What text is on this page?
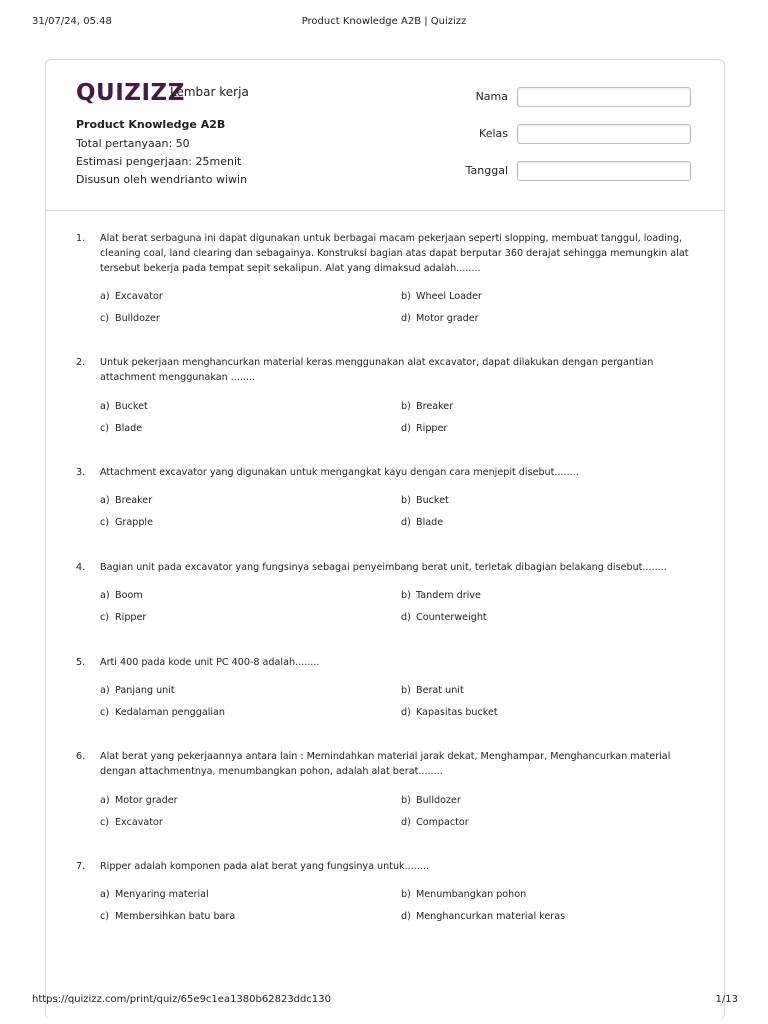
31/07/24, 05.48	Product Knowledge A2B | Quizizz
QUIZIZZ
Lembar kerja
Product Knowledge A2B
Total pertanyaan: 50
Estimasi pengerjaan: 25menit
Disusun oleh wendrianto wiwin
Nama
Kelas
Tanggal
1.	Alat berat serbaguna ini dapat digunakan untuk berbagai macam pekerjaan seperti slopping, membuat tanggul, loading, cleaning coal, land clearing dan sebagainya. Konstruksi bagian atas dapat berputar 360 derajat sehingga memungkin alat tersebut bekerja pada tempat sepit sekalipun. Alat yang dimaksud adalah........
a) Excavator	b) Wheel Loader
c) Bulldozer	d) Motor grader
2.	Untuk pekerjaan menghancurkan material keras menggunakan alat excavator, dapat dilakukan dengan pergantian attachment menggunakan ........
a) Bucket	b) Breaker
c) Blade	d) Ripper
3.	Attachment excavator yang digunakan untuk mengangkat kayu dengan cara menjepit disebut........
a) Breaker	b) Bucket
c) Grapple	d) Blade
4.	Bagian unit pada excavator yang fungsinya sebagai penyeimbang berat unit, terletak dibagian belakang disebut........
a) Boom	b) Tandem drive
c) Ripper	d) Counterweight
5.	Arti 400 pada kode unit PC 400-8 adalah........
a) Panjang unit	b) Berat unit
c) Kedalaman penggalian	d) Kapasitas bucket
6.	Alat berat yang pekerjaannya antara lain : Memindahkan material jarak dekat, Menghampar, Menghancurkan material dengan attachmentnya, menumbangkan pohon, adalah alat berat........
a) Motor grader	b) Bulldozer
c) Excavator	d) Compactor
7.	Ripper adalah komponen pada alat berat yang fungsinya untuk........
a) Menyaring material	b) Menumbangkan pohon
c) Membersihkan batu bara	d) Menghancurkan material keras
https://quizizz.com/print/quiz/65e9c1ea1380b62823ddc130	1/13
